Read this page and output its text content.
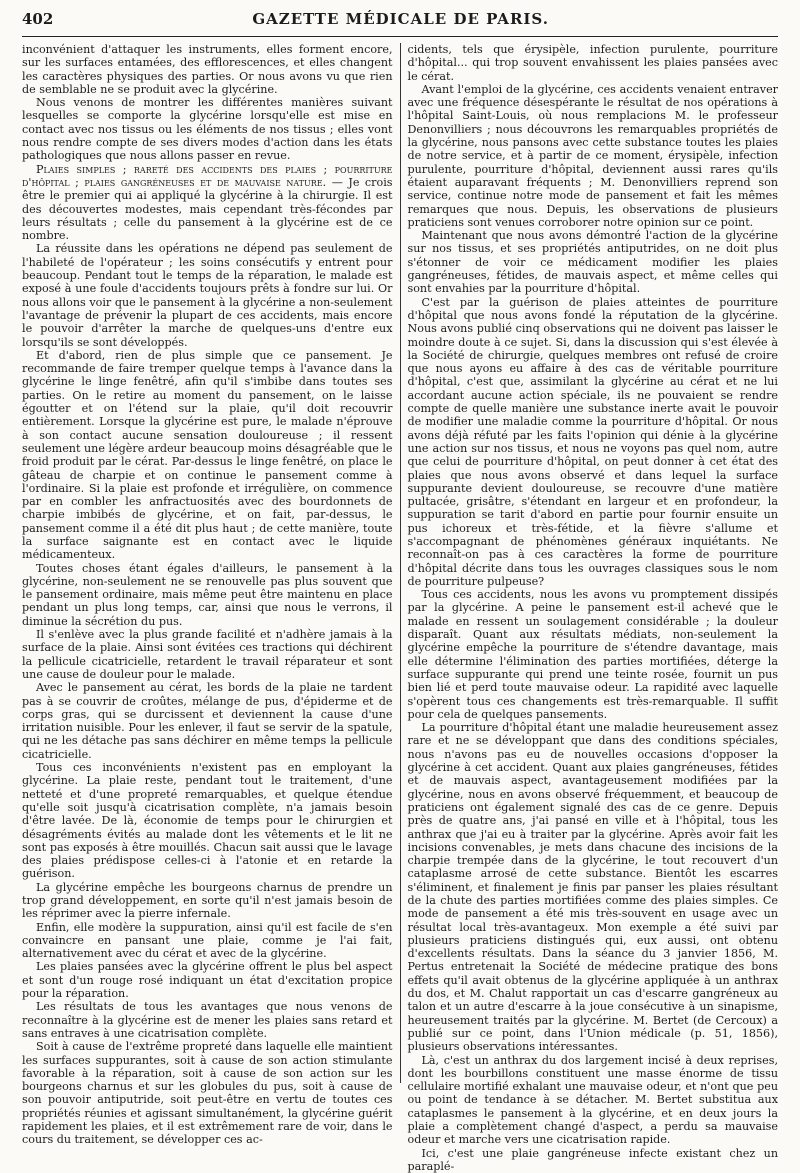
402	GAZETTE MÉDICALE DE PARIS.

inconvénient d'attaquer les instruments, elles forment encore, sur les surfaces entamées, des efflorescences, et elles changent les caractères physiques des parties. Or nous avons vu que rien de semblable ne se produit avec la glycérine.

Nous venons de montrer les différentes manières suivant lesquelles se comporte la glycérine lorsqu'elle est mise en contact avec nos tissus ou les éléments de nos tissus ; elles vont nous rendre compte de ses divers modes d'action dans les états pathologiques que nous allons passer en revue.

Plaies simples ; rareté des accidents des plaies ; pourriture d'hôpital ; plaies gangréneuses et de mauvaise nature. — Je crois être le premier qui ai appliqué la glycérine à la chirurgie. Il est des découvertes modestes, mais cependant très-fécondes par leurs résultats ; celle du pansement à la glycérine est de ce nombre.

La réussite dans les opérations ne dépend pas seulement de l'habileté de l'opérateur ; les soins consécutifs y entrent pour beaucoup. Pendant tout le temps de la réparation, le malade est exposé à une foule d'accidents toujours prêts à fondre sur lui. Or nous allons voir que le pansement à la glycérine a non-seulement l'avantage de prévenir la plupart de ces accidents, mais encore le pouvoir d'arrêter la marche de quelques-uns d'entre eux lorsqu'ils se sont développés.

Et d'abord, rien de plus simple que ce pansement. Je recommande de faire tremper quelque temps à l'avance dans la glycérine le linge fenêtré, afin qu'il s'imbibe dans toutes ses parties. On le retire au moment du pansement, on le laisse égoutter et on l'étend sur la plaie, qu'il doit recouvrir entièrement. Lorsque la glycérine est pure, le malade n'éprouve à son contact aucune sensation douloureuse ; il ressent seulement une légère ardeur beaucoup moins désagréable que le froid produit par le cérat. Par-dessus le linge fenêtré, on place le gâteau de charpie et on continue le pansement comme à l'ordinaire. Si la plaie est profonde et irrégulière, on commence par en combler les anfractuosités avec des bourdonnets de charpie imbibés de glycérine, et on fait, par-dessus, le pansement comme il a été dit plus haut ; de cette manière, toute la surface saignante est en contact avec le liquide médicamenteux.

Toutes choses étant égales d'ailleurs, le pansement à la glycérine, non-seulement ne se renouvelle pas plus souvent que le pansement ordinaire, mais même peut être maintenu en place pendant un plus long temps, car, ainsi que nous le verrons, il diminue la sécrétion du pus.

Il s'enlève avec la plus grande facilité et n'adhère jamais à la surface de la plaie. Ainsi sont évitées ces tractions qui déchirent la pellicule cicatricielle, retardent le travail réparateur et sont une cause de douleur pour le malade.

Avec le pansement au cérat, les bords de la plaie ne tardent pas à se couvrir de croûtes, mélange de pus, d'épiderme et de corps gras, qui se durcissent et deviennent la cause d'une irritation nuisible. Pour les enlever, il faut se servir de la spatule, qui ne les détache pas sans déchirer en même temps la pellicule cicatricielle.

Tous ces inconvénients n'existent pas en employant la glycérine. La plaie reste, pendant tout le traitement, d'une netteté et d'une propreté remarquables, et quelque étendue qu'elle soit jusqu'à cicatrisation complète, n'a jamais besoin d'être lavée. De là, économie de temps pour le chirurgien et désagréments évités au malade dont les vêtements et le lit ne sont pas exposés à être mouillés. Chacun sait aussi que le lavage des plaies prédispose celles-ci à l'atonie et en retarde la guérison.

La glycérine empêche les bourgeons charnus de prendre un trop grand développement, en sorte qu'il n'est jamais besoin de les réprimer avec la pierre infernale.

Enfin, elle modère la suppuration, ainsi qu'il est facile de s'en convaincre en pansant une plaie, comme je l'ai fait, alternativement avec du cérat et avec de la glycérine.

Les plaies pansées avec la glycérine offrent le plus bel aspect et sont d'un rouge rosé indiquant un état d'excitation propice pour la réparation.

Les résultats de tous les avantages que nous venons de reconnaître à la glycérine est de mener les plaies sans retard et sans entraves à une cicatrisation complète.

Soit à cause de l'extrême propreté dans laquelle elle maintient les surfaces suppurantes, soit à cause de son action stimulante favorable à la réparation, soit à cause de son action sur les bourgeons charnus et sur les globules du pus, soit à cause de son pouvoir antiputride, soit peut-être en vertu de toutes ces propriétés réunies et agissant simultanément, la glycérine guérit rapidement les plaies, et il est extrêmement rare de voir, dans le cours du traitement, se développer ces ac-

cidents, tels que érysipèle, infection purulente, pourriture d'hôpital... qui trop souvent envahissent les plaies pansées avec le cérat.

Avant l'emploi de la glycérine, ces accidents venaient entraver avec une fréquence désespérante le résultat de nos opérations à l'hôpital Saint-Louis, où nous remplacions M. le professeur Denonvilliers ; nous découvrons les remarquables propriétés de la glycérine, nous pansons avec cette substance toutes les plaies de notre service, et à partir de ce moment, érysipèle, infection purulente, pourriture d'hôpital, deviennent aussi rares qu'ils étaient auparavant fréquents ; M. Denonvilliers reprend son service, continue notre mode de pansement et fait les mêmes remarques que nous. Depuis, les observations de plusieurs praticiens sont venues corroborer notre opinion sur ce point.

Maintenant que nous avons démontré l'action de la glycérine sur nos tissus, et ses propriétés antiputrides, on ne doit plus s'étonner de voir ce médicament modifier les plaies gangréneuses, fétides, de mauvais aspect, et même celles qui sont envahies par la pourriture d'hôpital.

C'est par la guérison de plaies atteintes de pourriture d'hôpital que nous avons fondé la réputation de la glycérine. Nous avons publié cinq observations qui ne doivent pas laisser le moindre doute à ce sujet. Si, dans la discussion qui s'est élevée à la Société de chirurgie, quelques membres ont refusé de croire que nous ayons eu affaire à des cas de véritable pourriture d'hôpital, c'est que, assimilant la glycérine au cérat et ne lui accordant aucune action spéciale, ils ne pouvaient se rendre compte de quelle manière une substance inerte avait le pouvoir de modifier une maladie comme la pourriture d'hôpital. Or nous avons déjà réfuté par les faits l'opinion qui dénie à la glycérine une action sur nos tissus, et nous ne voyons pas quel nom, autre que celui de pourriture d'hôpital, on peut donner à cet état des plaies que nous avons observé et dans lequel la surface suppurante devient douloureuse, se recouvre d'une matière pultacée, grisâtre, s'étendant en largeur et en profondeur, la suppuration se tarit d'abord en partie pour fournir ensuite un pus ichoreux et très-fétide, et la fièvre s'allume et s'accompagnant de phénomènes généraux inquiétants. Ne reconnaît-on pas à ces caractères la forme de pourriture d'hôpital décrite dans tous les ouvrages classiques sous le nom de pourriture pulpeuse?

Tous ces accidents, nous les avons vu promptement dissipés par la glycérine. A peine le pansement est-il achevé que le malade en ressent un soulagement considérable ; la douleur disparaît. Quant aux résultats médiats, non-seulement la glycérine empêche la pourriture de s'étendre davantage, mais elle détermine l'élimination des parties mortifiées, déterge la surface suppurante qui prend une teinte rosée, fournit un pus bien lié et perd toute mauvaise odeur. La rapidité avec laquelle s'opèrent tous ces changements est très-remarquable. Il suffit pour cela de quelques pansements.

La pourriture d'hôpital étant une maladie heureusement assez rare et ne se développant que dans des conditions spéciales, nous n'avons pas eu de nouvelles occasions d'opposer la glycérine à cet accident. Quant aux plaies gangréneuses, fétides et de mauvais aspect, avantageusement modifiées par la glycérine, nous en avons observé fréquemment, et beaucoup de praticiens ont également signalé des cas de ce genre. Depuis près de quatre ans, j'ai pansé en ville et à l'hôpital, tous les anthrax que j'ai eu à traiter par la glycérine. Après avoir fait les incisions convenables, je mets dans chacune des incisions de la charpie trempée dans de la glycérine, le tout recouvert d'un cataplasme arrosé de cette substance. Bientôt les escarres s'éliminent, et finalement je finis par panser les plaies résultant de la chute des parties mortifiées comme des plaies simples. Ce mode de pansement a été mis très-souvent en usage avec un résultat local très-avantageux. Mon exemple a été suivi par plusieurs praticiens distingués qui, eux aussi, ont obtenu d'excellents résultats. Dans la séance du 3 janvier 1856, M. Pertus entretenait la Société de médecine pratique des bons effets qu'il avait obtenus de la glycérine appliquée à un anthrax du dos, et M. Chalut rapportait un cas d'escarre gangréneux au talon et un autre d'escarre à la joue consécutive à un sinapisme, heureusement traités par la glycérine. M. Bertet (de Cercoux) a publié sur ce point, dans l'Union médicale (p. 51, 1856), plusieurs observations intéressantes.

Là, c'est un anthrax du dos largement incisé à deux reprises, dont les bourbillons constituent une masse énorme de tissu cellulaire mortifié exhalant une mauvaise odeur, et n'ont que peu ou point de tendance à se détacher. M. Bertet substitua aux cataplasmes le pansement à la glycérine, et en deux jours la plaie a complètement changé d'aspect, a perdu sa mauvaise odeur et marche vers une cicatrisation rapide.

Ici, c'est une plaie gangréneuse infecte existant chez un paraplé-
